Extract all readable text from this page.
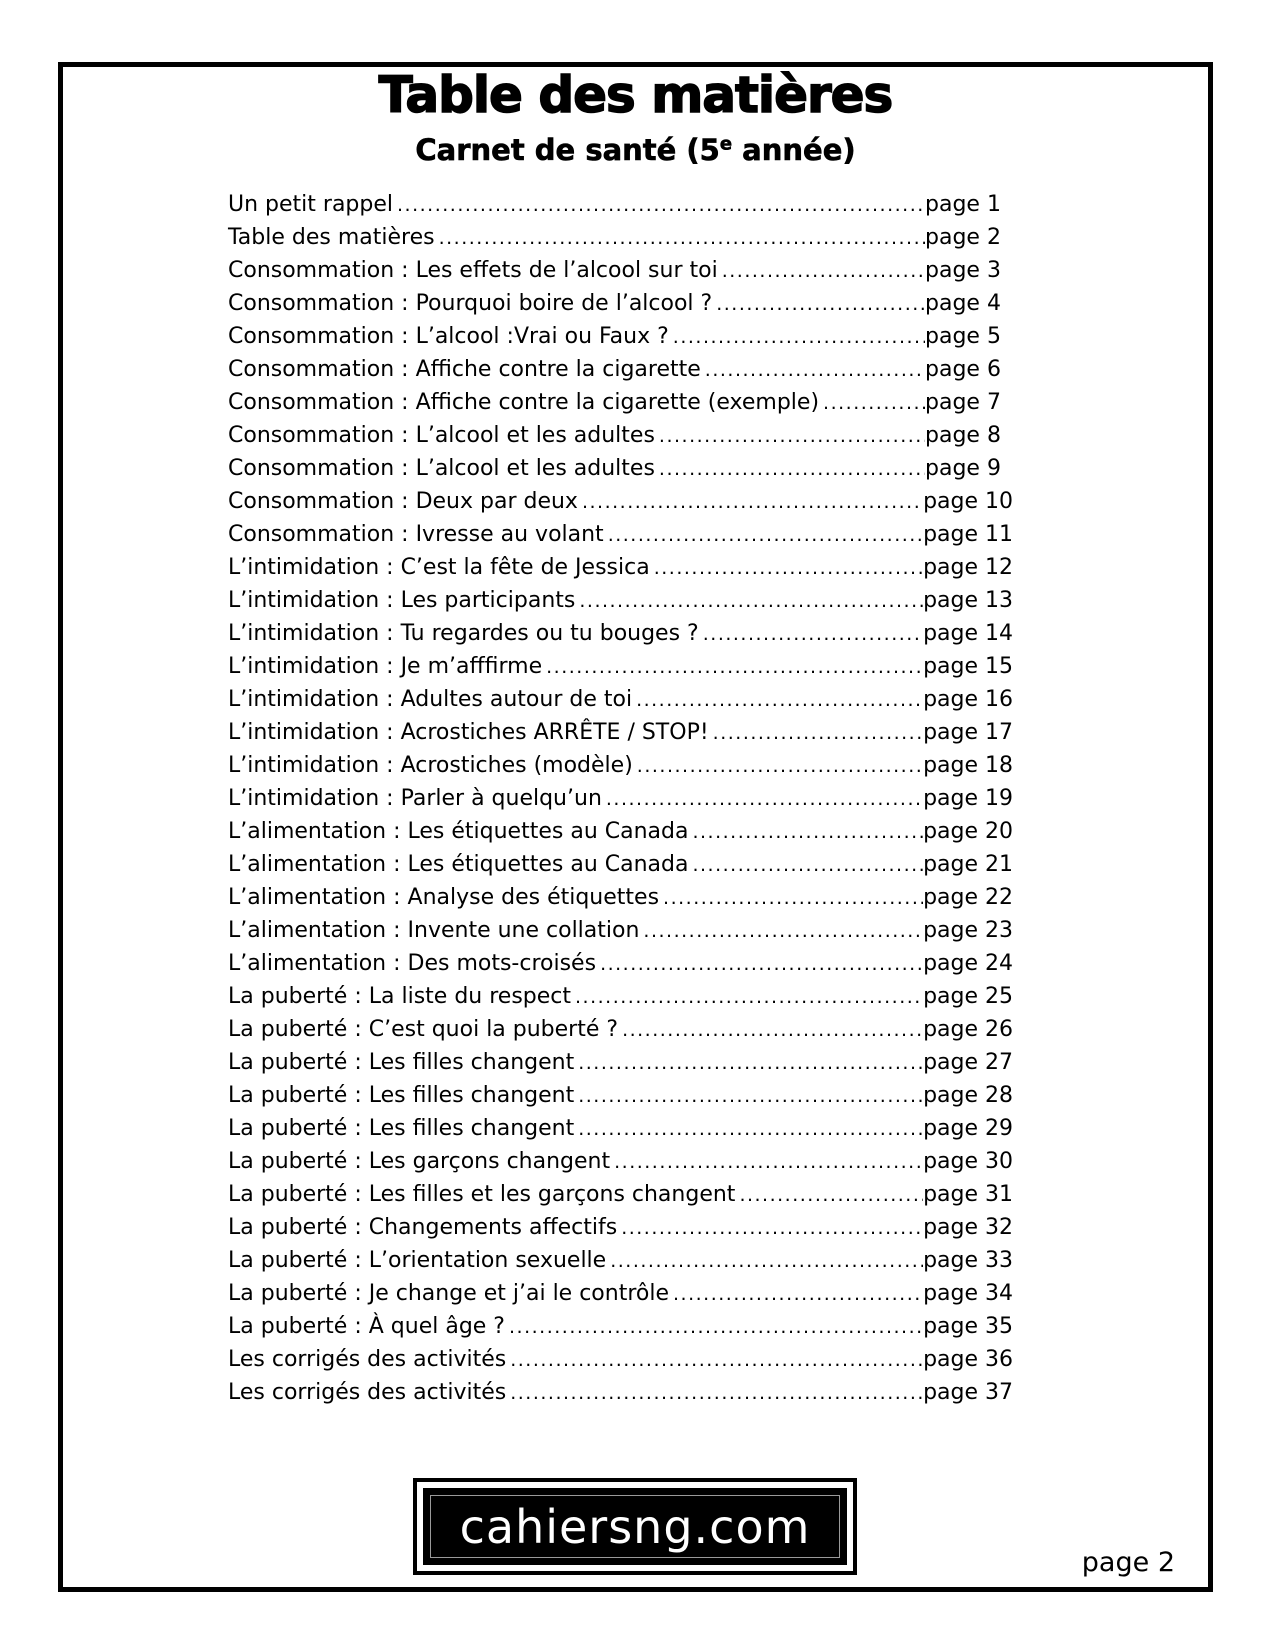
Table des matières
Carnet de santé (5e année)
Un petit rappel .....	page 1
Table des matières .....	page 2
Consommation : Les effets de l’alcool sur toi .....	page 3
Consommation : Pourquoi boire de l’alcool ? .....	page 4
Consommation : L’alcool :Vrai ou Faux ? .....	page 5
Consommation : Affiche contre la cigarette .....	page 6
Consommation : Affiche contre la cigarette (exemple) .....	page 7
Consommation : L’alcool et les adultes .....	page 8
Consommation : L’alcool et les adultes .....	page 9
Consommation : Deux par deux .....	page 10
Consommation : Ivresse au volant .....	page 11
L’intimidation : C’est la fête de Jessica .....	page 12
L’intimidation : Les participants .....	page 13
L’intimidation : Tu regardes ou tu bouges ? .....	page 14
L’intimidation : Je m’afffirme .....	page 15
L’intimidation : Adultes autour de toi .....	page 16
L’intimidation : Acrostiches ARRÊTE / STOP! .....	page 17
L’intimidation : Acrostiches (modèle) .....	page 18
L’intimidation : Parler à quelqu’un .....	page 19
L’alimentation : Les étiquettes au Canada .....	page 20
L’alimentation : Les étiquettes au Canada .....	page 21
L’alimentation : Analyse des étiquettes .....	page 22
L’alimentation : Invente une collation .....	page 23
L’alimentation : Des mots-croisés .....	page 24
La puberté : La liste du respect .....	page 25
La puberté : C’est quoi la puberté ? .....	page 26
La puberté : Les filles changent .....	page 27
La puberté : Les filles changent .....	page 28
La puberté : Les filles changent .....	page 29
La puberté : Les garçons changent .....	page 30
La puberté : Les filles et les garçons changent .....	page 31
La puberté : Changements affectifs .....	page 32
La puberté : L’orientation sexuelle .....	page 33
La puberté : Je change et j’ai le contrôle .....	page 34
La puberté : À quel âge ? .....	page 35
Les corrigés des activités .....	page 36
Les corrigés des activités .....	page 37
cahiersng.com
page 2
